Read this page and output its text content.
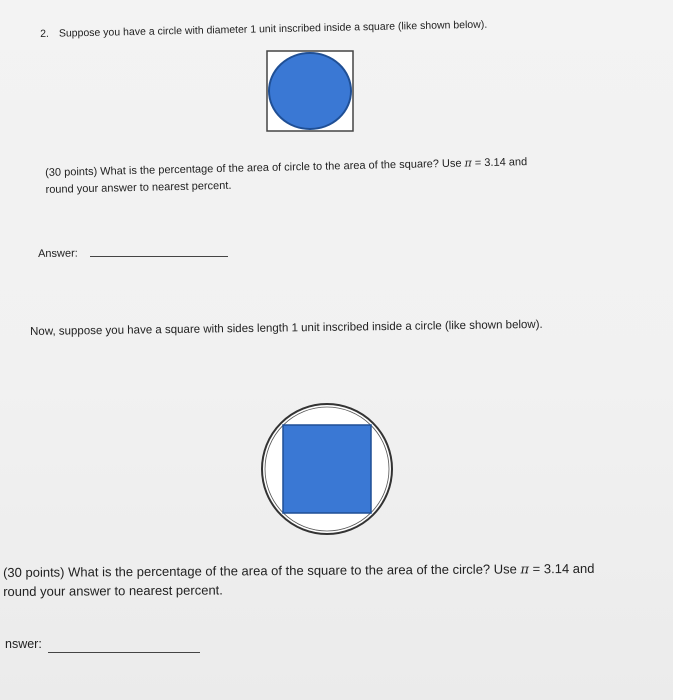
2. Suppose you have a circle with diameter 1 unit inscribed inside a square (like shown below).
(30 points) What is the percentage of the area of circle to the area of the square? Use π = 3.14 and
round your answer to nearest percent.
Answer:
Now, suppose you have a square with sides length 1 unit inscribed inside a circle (like shown below).
(30 points) What is the percentage of the area of the square to the area of the circle? Use π = 3.14 and
round your answer to nearest percent.
nswer:
